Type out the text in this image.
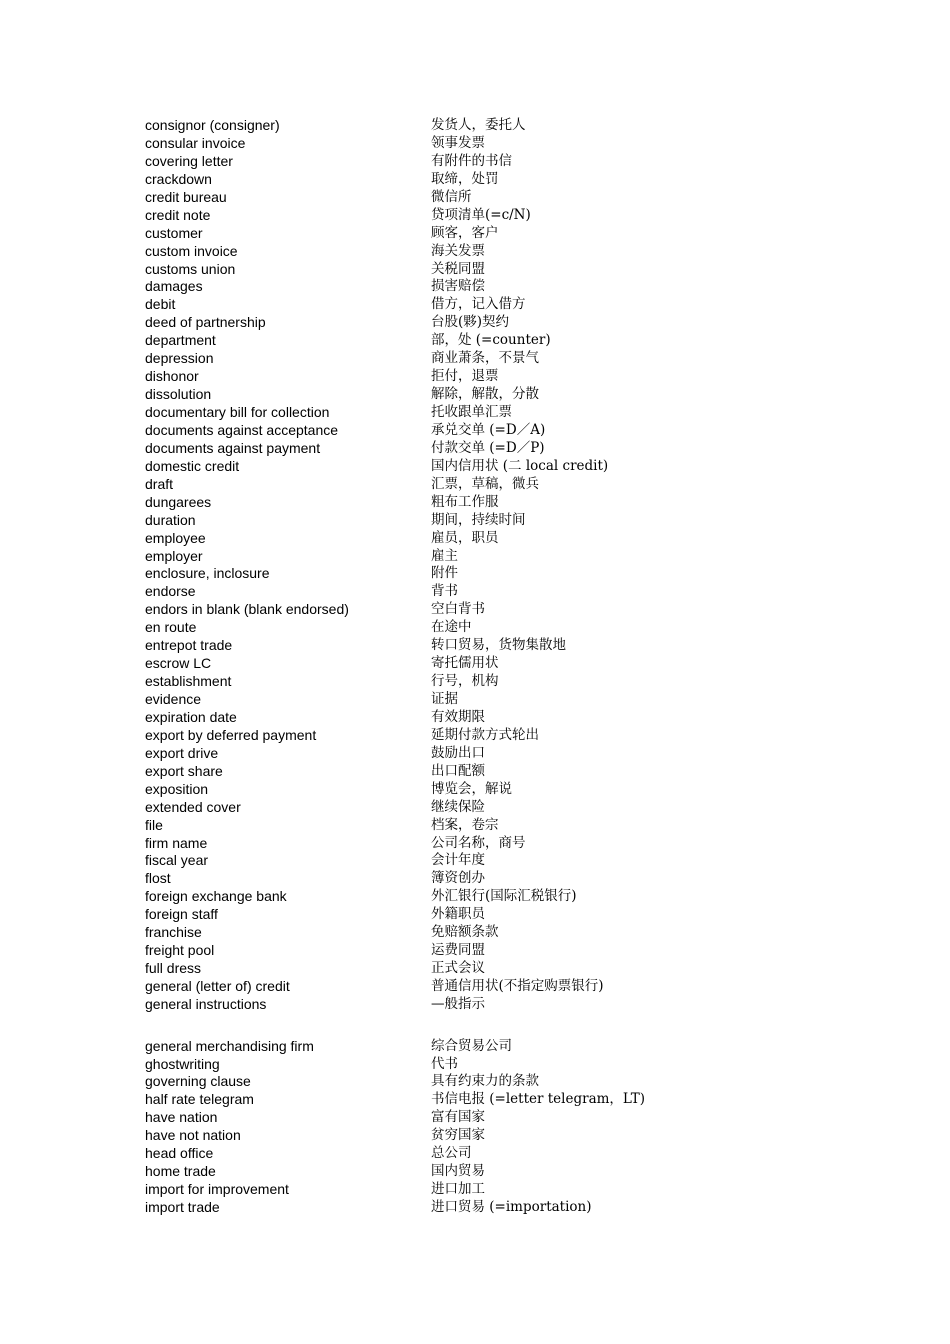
consignor (consigner)	发货人，委托人
consular invoice	领事发票
covering letter	有附件的书信
crackdown	取缔，处罚
credit bureau	微信所
credit note	贷项清单(=c/N)
customer	顾客，客户
custom invoice	海关发票
customs union	关税同盟
damages	损害赔偿
debit	借方，记入借方
deed of partnership	台股(夥)契约
department	部，处 (=counter)
depression	商业萧条，不景气
dishonor	拒付，退票
dissolution	解除，解散，分散
documentary bill for collection	托收跟单汇票
documents against acceptance	承兑交单 (=D／A)
documents against payment	付款交单 (=D／P)
domestic credit	国内信用状 (二 local credit)
draft	汇票，草稿，微兵
dungarees	粗布工作服
duration	期间，持续时间
employee	雇员，职员
employer	雇主
enclosure, inclosure	附件
endorse	背书
endors in blank (blank endorsed)	空白背书
en route	在途中
entrepot trade	转口贸易，货物集散地
escrow LC	寄托儒用状
establishment	行号，机构
evidence	证据
expiration date	有效期限
export by deferred payment	延期付款方式轮出
export drive	鼓励出口
export share	出口配额
exposition	博览会，解说
extended cover	继续保险
file	档案，卷宗
firm name	公司名称，商号
fiscal year	会计年度
flost	簿资创办
foreign exchange bank	外汇银行(国际汇税银行)
foreign staff	外籍职员
franchise	免赔额条款
freight pool	运费同盟
full dress	正式会议
general (letter of) credit	普通信用状(不指定购票银行)
general instructions	—般指示
general merchandising firm	综合贸易公司
ghostwriting	代书
governing clause	具有约束力的条款
half rate telegram	书信电报 (=letter telegram，LT)
have nation	富有国家
have not nation	贫穷国家
head office	总公司
home trade	国内贸易
import for improvement	进口加工
import trade	进口贸易 (=importation)
